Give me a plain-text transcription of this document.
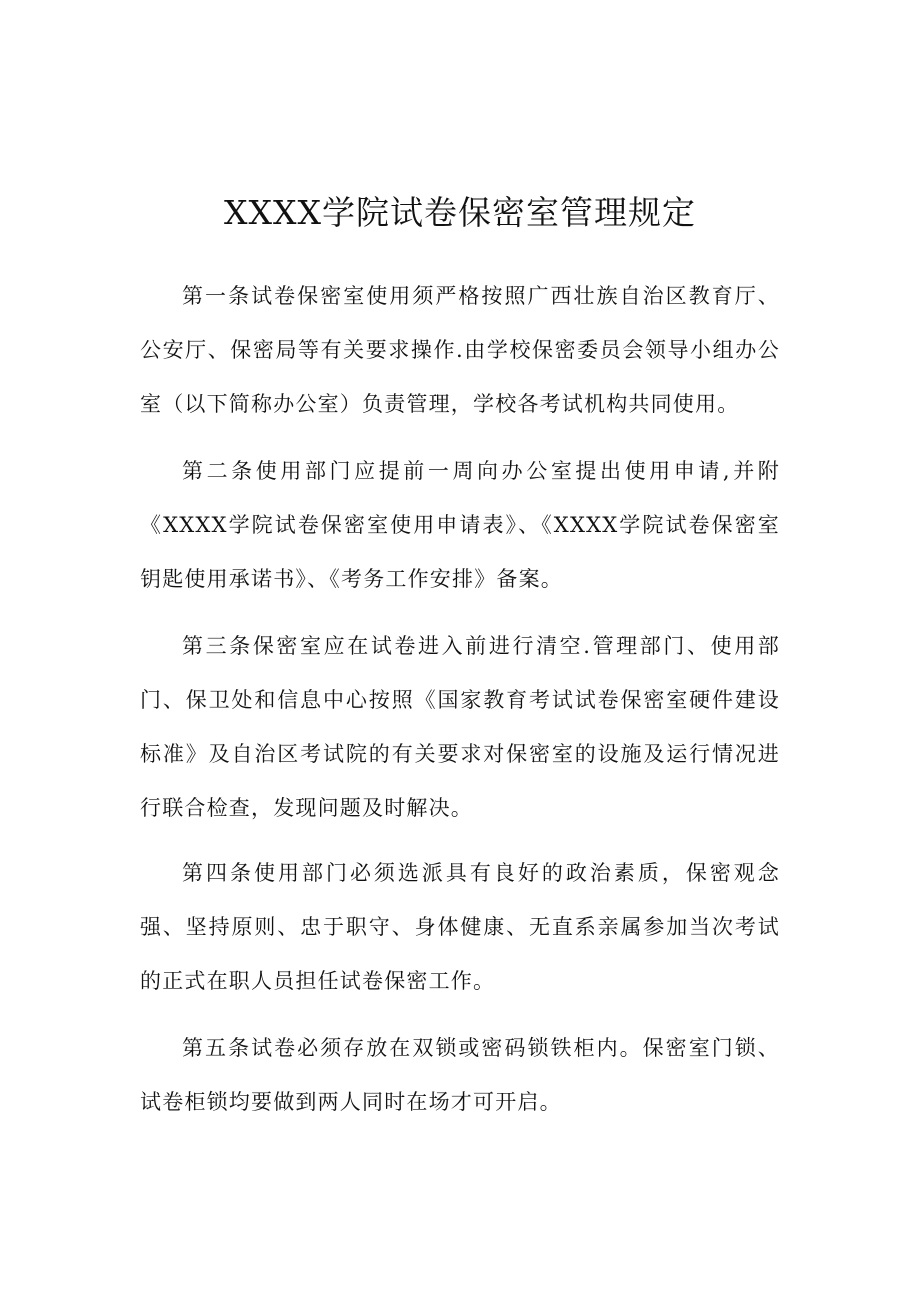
XXXX学院试卷保密室管理规定

第一条试卷保密室使用须严格按照广西壮族自治区教育厅、公安厅、保密局等有关要求操作.由学校保密委员会领导小组办公室（以下简称办公室）负责管理，学校各考试机构共同使用。

第二条使用部门应提前一周向办公室提出使用申请,并附《XXXX学院试卷保密室使用申请表》、《XXXX学院试卷保密室钥匙使用承诺书》、《考务工作安排》备案。

第三条保密室应在试卷进入前进行清空.管理部门、使用部门、保卫处和信息中心按照《国家教育考试试卷保密室硬件建设标准》及自治区考试院的有关要求对保密室的设施及运行情况进行联合检查，发现问题及时解决。

第四条使用部门必须选派具有良好的政治素质，保密观念强、坚持原则、忠于职守、身体健康、无直系亲属参加当次考试的正式在职人员担任试卷保密工作。

第五条试卷必须存放在双锁或密码锁铁柜内。保密室门锁、试卷柜锁均要做到两人同时在场才可开启。
